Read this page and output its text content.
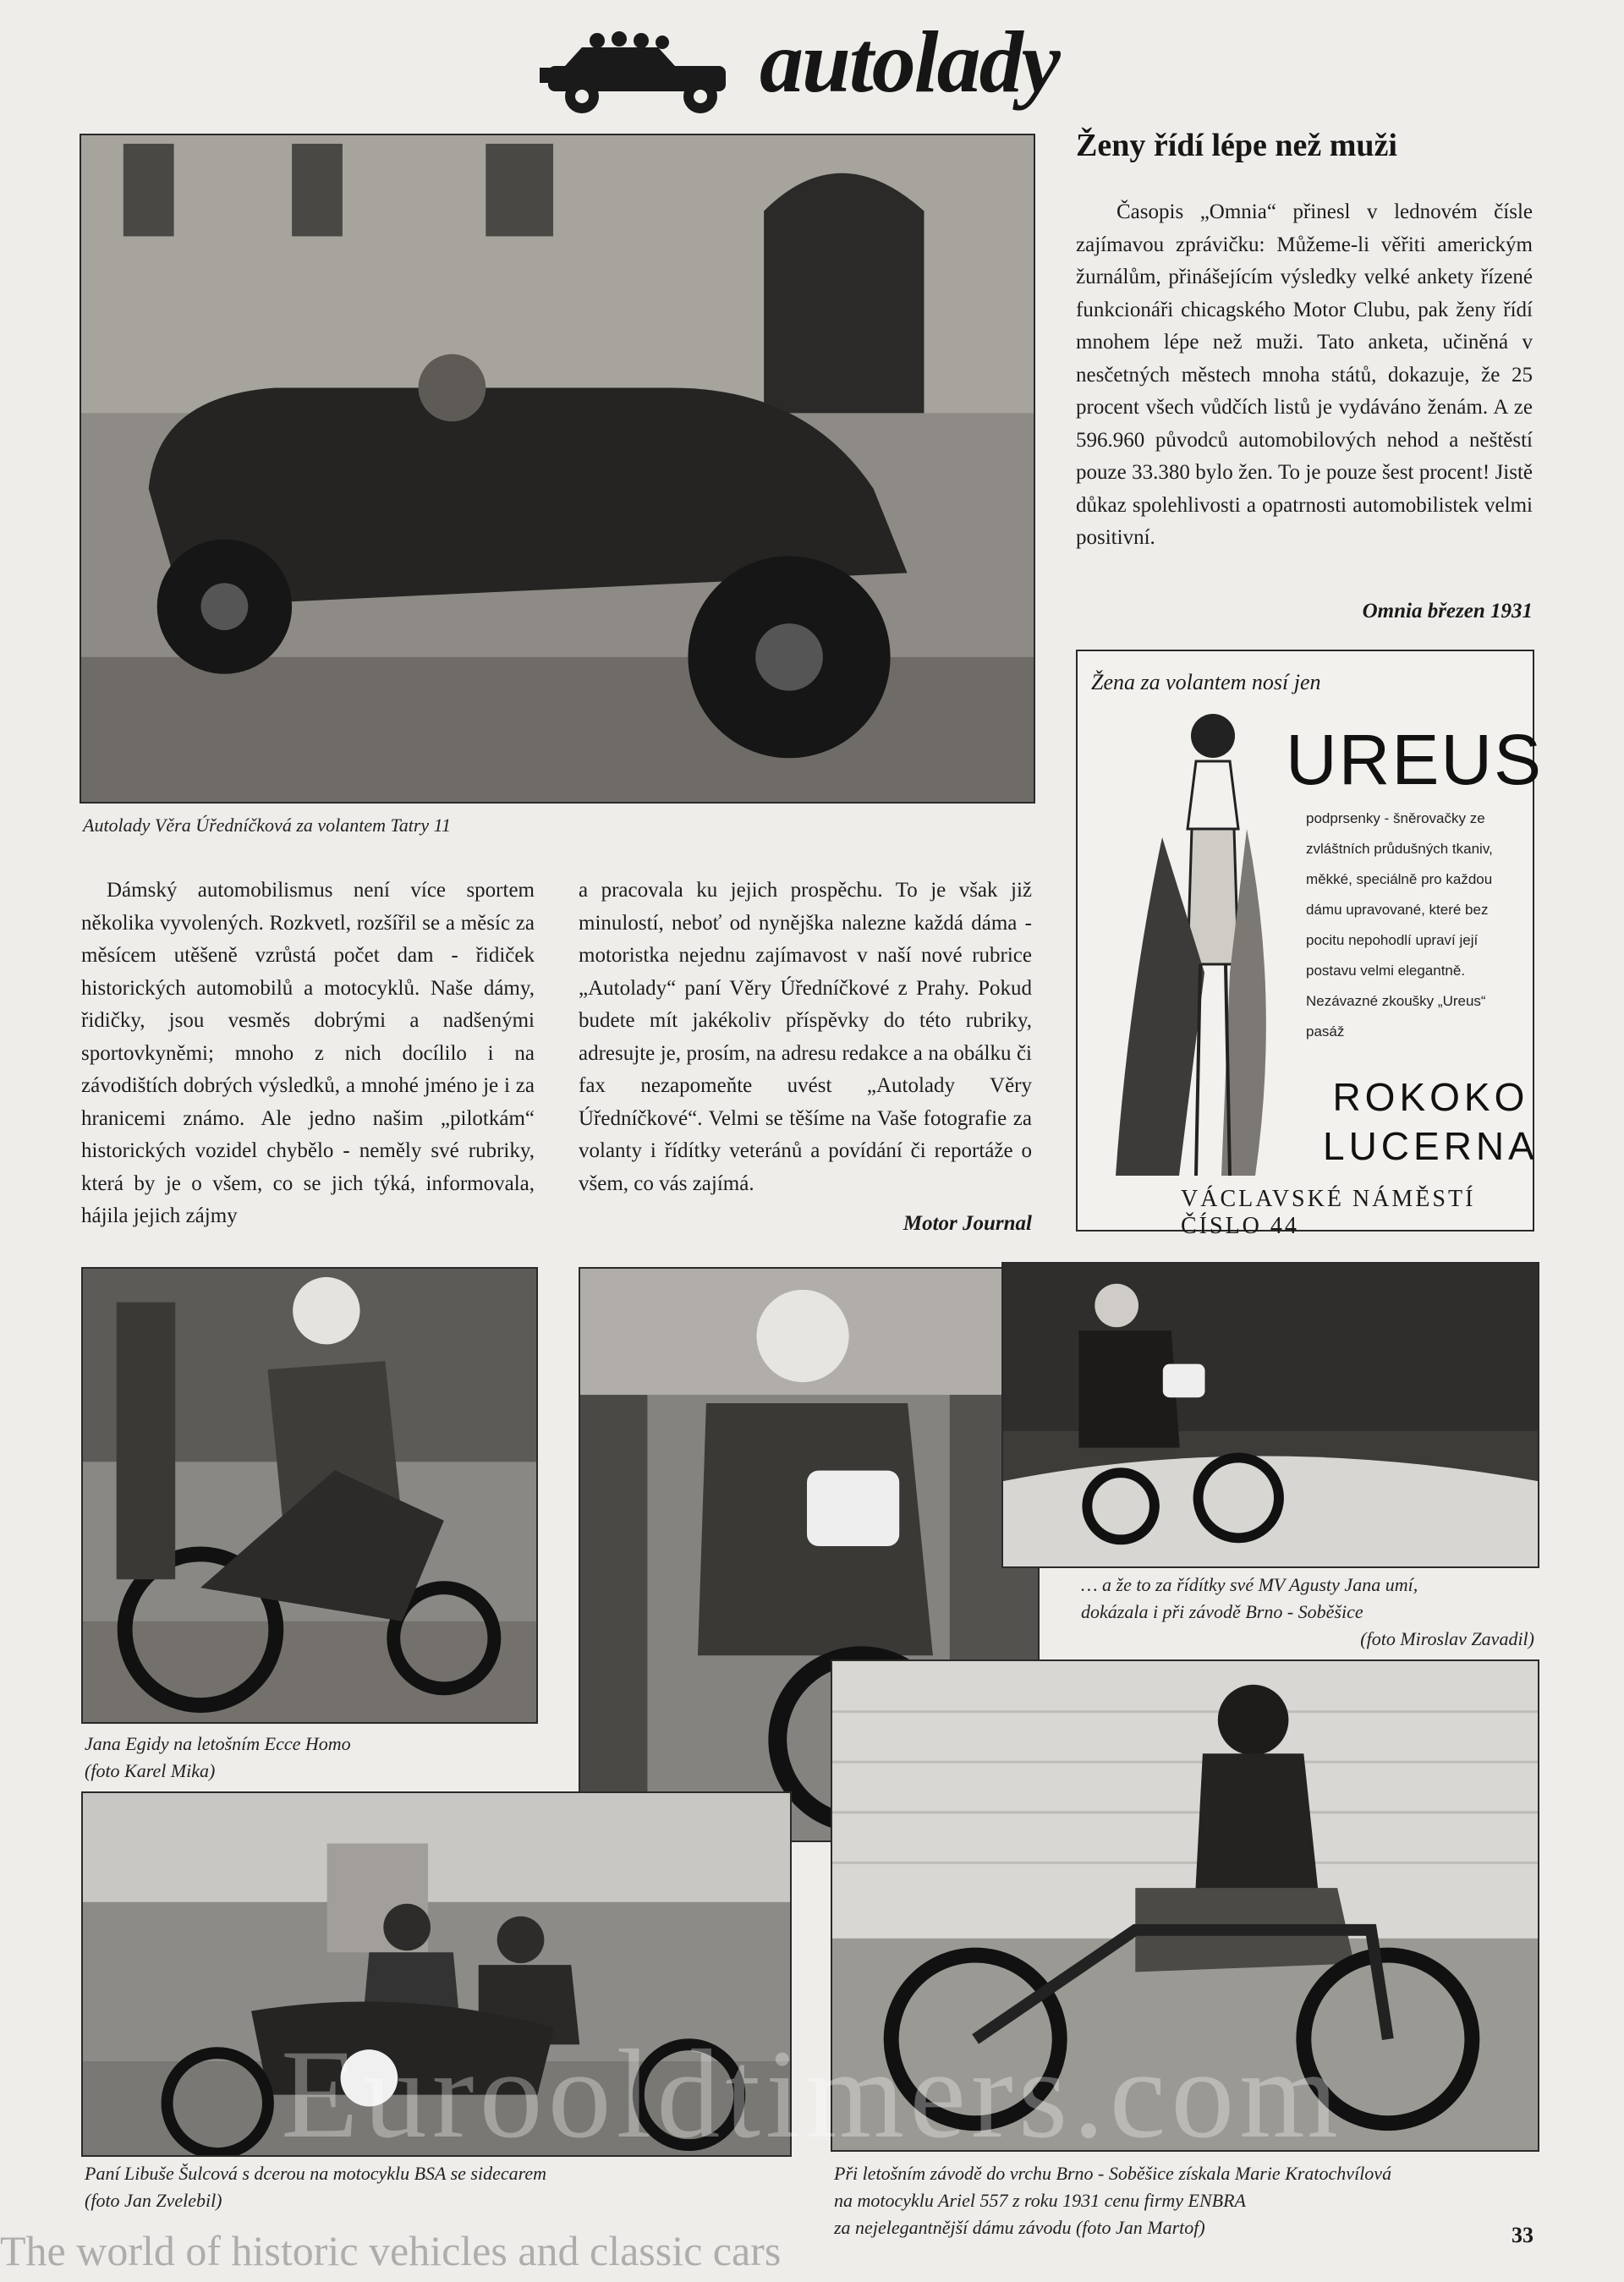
autolady
Autolady Věra Úředníčková za volantem Tatry 11
Ženy řídí lépe než muži

Časopis „Omnia“ přinesl v lednovém čísle zajímavou zprávičku: Můžeme-li věřiti americkým žurnálům, přinášejícím výsledky velké ankety řízené funkcionáři chicagského Motor Clubu, pak ženy řídí mnohem lépe než muži. Tato anketa, učiněná v nesčetných městech mnoha států, dokazuje, že 25 procent všech vůdčích listů je vydáváno ženám. A ze 596.960 původců automobilových nehod a neštěstí pouze 33.380 bylo žen. To je pouze šest procent! Jistě důkaz spolehlivosti a opatrnosti automobilistek velmi positivní.

Omnia březen 1931
Žena za volantem nosí jen
UREUS
podprsenky - šněrovačky ze zvláštních průdušných tkaniv, měkké, speciálně pro každou dámu upravované, které bez pocitu nepohodlí upraví její postavu velmi elegantně. Nezávazné zkoušky „Ureus“ pasáž
ROKOKO
LUCERNA
VÁCLAVSKÉ NÁMĚSTÍ ČÍSLO 44

Dámský automobilismus není více sportem několika vyvolených. Rozkvetl, rozšířil se a měsíc za měsícem utěšeně vzrůstá počet dam - řidiček historických automobilů a motocyklů. Naše dámy, řidičky, jsou vesměs dobrými a nadšenými sportovkyněmi; mnoho z nich docílilo i na závodištích dobrých výsledků, a mnohé jméno je i za hranicemi známo. Ale jedno našim „pilotkám“ historických vozidel chybělo - neměly své rubriky, která by je o všem, co se jich týká, informovala, hájila jejich zájmy

a pracovala ku jejich prospěchu. To je však již minulostí, neboť od nynějška nalezne každá dáma - motoristka nejednu zajímavost v naší nové rubrice „Autolady“ paní Věry Úředníčkové z Prahy. Pokud budete mít jakékoliv příspěvky do této rubriky, adresujte je, prosím, na adresu redakce a na obálku či fax nezapomeňte uvést „Autolady Věry Úředníčkové“. Velmi se těšíme na Vaše fotografie za volanty i řídítky veteránů a povídání či reportáže o všem, co vás zajímá.

Motor Journal
Jana Egidy na letošním Ecce Homo
(foto Karel Mika)
… a že to za řídítky své MV Agusty Jana umí,
dokázala i při závodě Brno - Soběšice
(foto Miroslav Zavadil)
Paní Libuše Šulcová s dcerou na motocyklu BSA se sidecarem
(foto Jan Zvelebil)
Při letošním závodě do vrchu Brno - Soběšice získala Marie Kratochvílová
na motocyklu Ariel 557 z roku 1931 cenu firmy ENBRA
za nejelegantnější dámu závodu (foto Jan Martof)	33
Eurooldtimers.com
The world of historic vehicles and classic cars
